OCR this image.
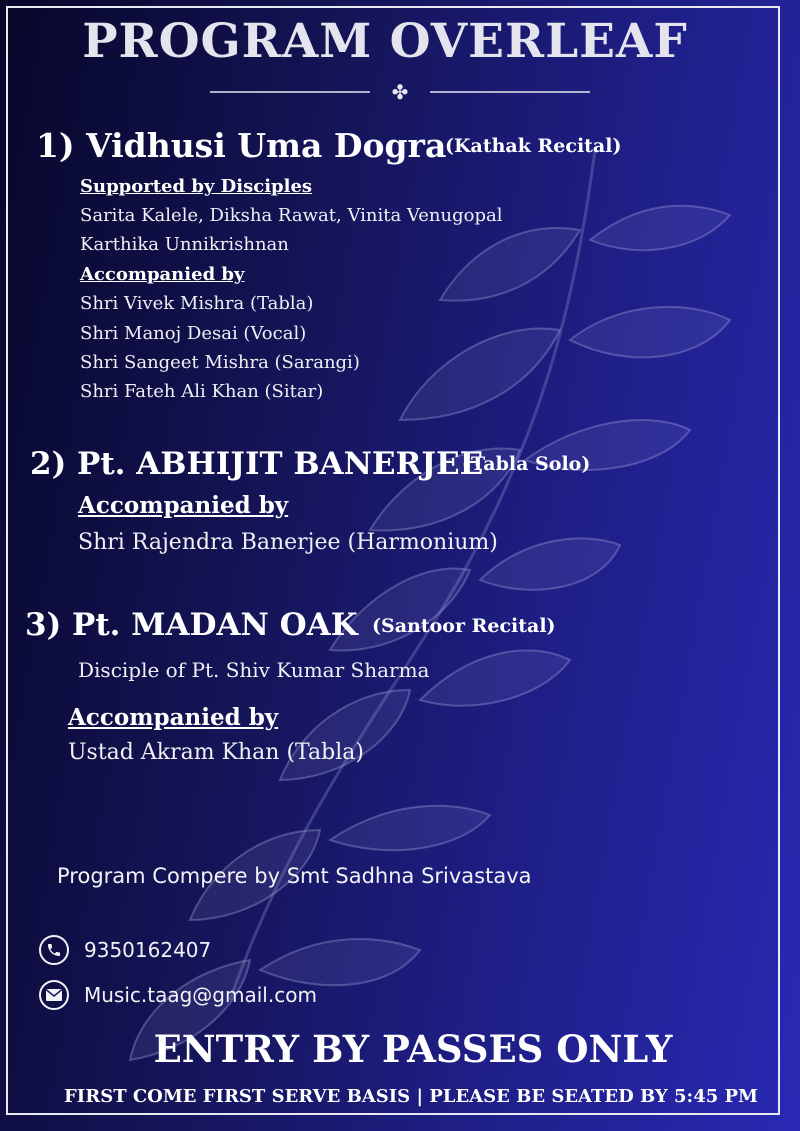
PROGRAM OVERLEAF
✤
1) Vidhusi Uma Dogra
(Kathak Recital)
Supported by Disciples
Sarita Kalele, Diksha Rawat, Vinita Venugopal
Karthika Unnikrishnan
Accompanied by
Shri Vivek Mishra (Tabla)
Shri Manoj Desai (Vocal)
Shri Sangeet Mishra (Sarangi)
Shri Fateh Ali Khan (Sitar)
2) Pt. ABHIJIT BANERJEE
(Tabla Solo)
Accompanied by
Shri Rajendra Banerjee (Harmonium)
3) Pt. MADAN OAK (Santoor Recital)
Disciple of Pt. Shiv Kumar Sharma
Accompanied by
Ustad Akram Khan (Tabla)
Program Compere by Smt Sadhna Srivastava
9350162407
Music.taag@gmail.com
ENTRY BY PASSES ONLY
FIRST COME FIRST SERVE BASIS | PLEASE BE SEATED BY 5:45 PM
